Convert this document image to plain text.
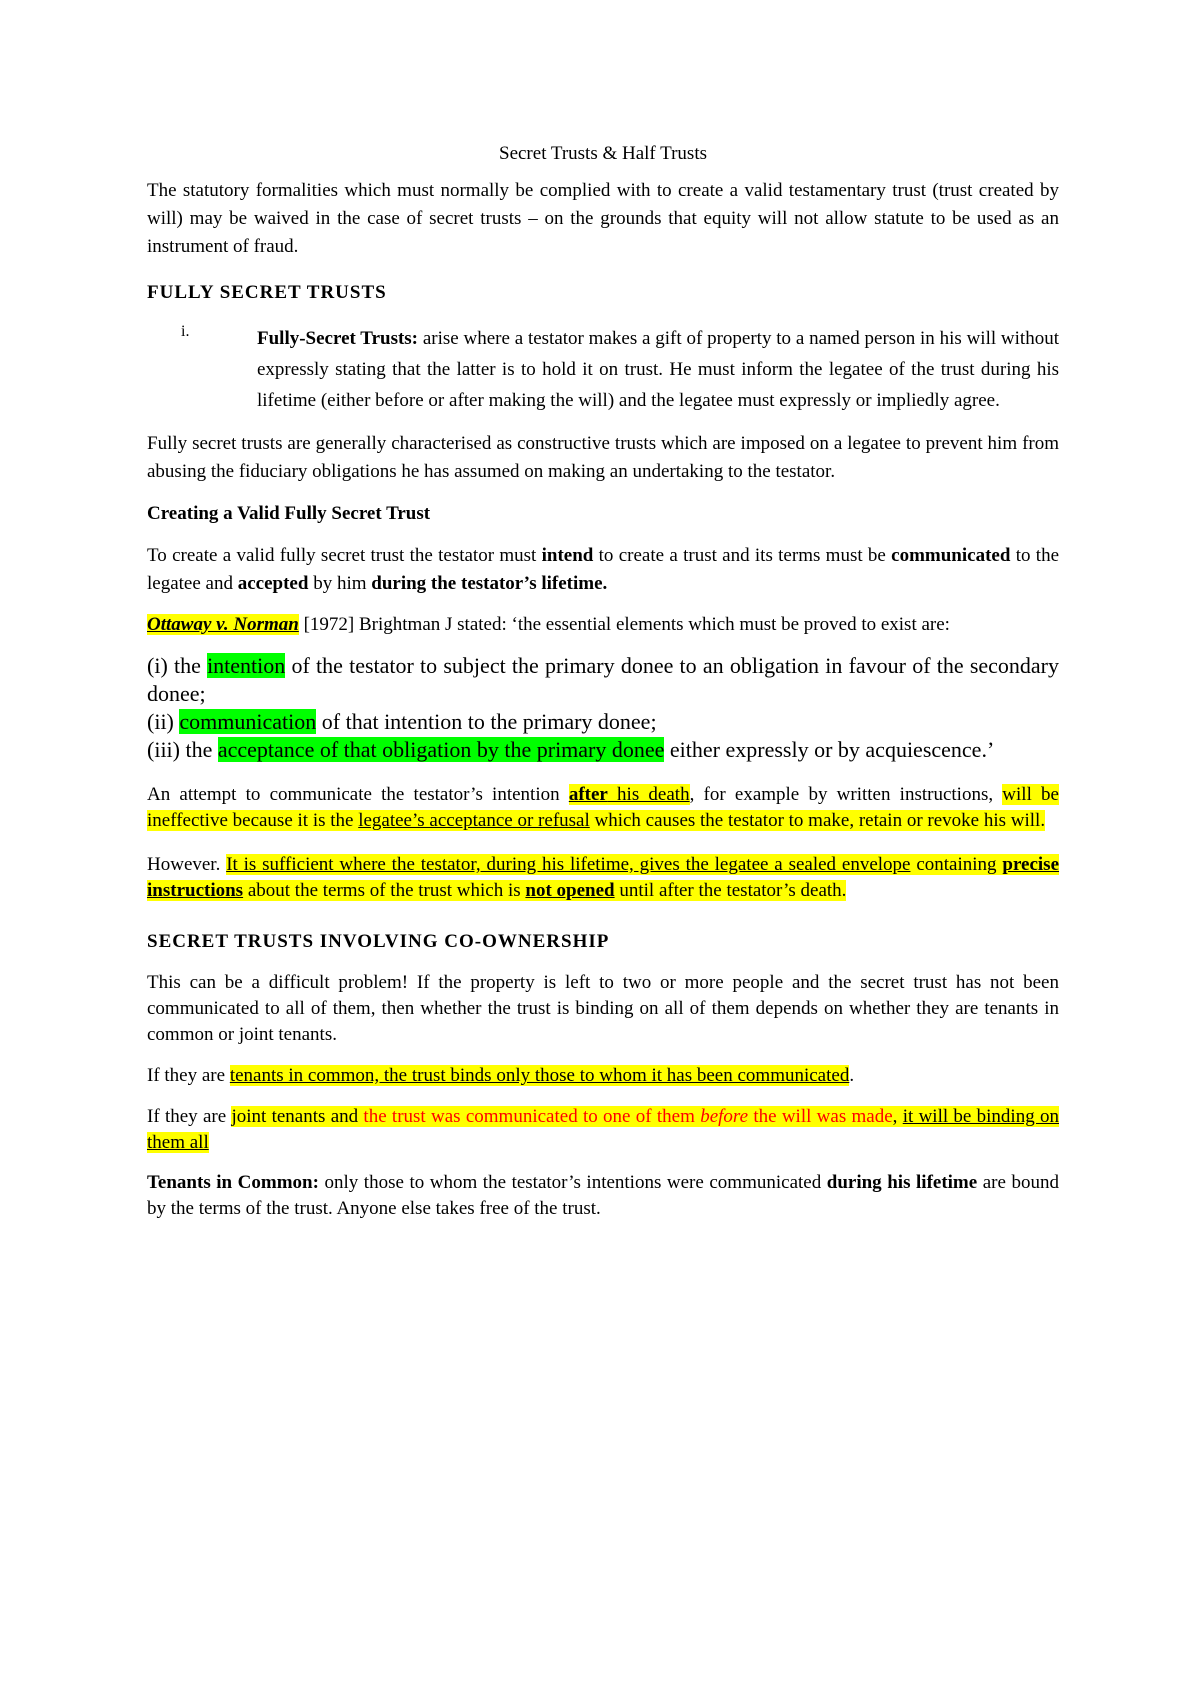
Secret Trusts & Half Trusts

The statutory formalities which must normally be complied with to create a valid testamentary trust (trust created by will) may be waived in the case of secret trusts – on the grounds that equity will not allow statute to be used as an instrument of fraud.

FULLY SECRET TRUSTS

i.	Fully-Secret Trusts: arise where a testator makes a gift of property to a named person in his will without expressly stating that the latter is to hold it on trust. He must inform the legatee of the trust during his lifetime (either before or after making the will) and the legatee must expressly or impliedly agree.

Fully secret trusts are generally characterised as constructive trusts which are imposed on a legatee to prevent him from abusing the fiduciary obligations he has assumed on making an undertaking to the testator.

Creating a Valid Fully Secret Trust

To create a valid fully secret trust the testator must intend to create a trust and its terms must be communicated to the legatee and accepted by him during the testator’s lifetime.

Ottaway v. Norman [1972] Brightman J stated: ‘the essential elements which must be proved to exist are:

(i) the intention of the testator to subject the primary donee to an obligation in favour of the secondary donee;

(ii) communication of that intention to the primary donee;

(iii) the acceptance of that obligation by the primary donee either expressly or by acquiescence.’

An attempt to communicate the testator’s intention after his death, for example by written instructions, will be ineffective because it is the legatee’s acceptance or refusal which causes the testator to make, retain or revoke his will.

However. It is sufficient where the testator, during his lifetime, gives the legatee a sealed envelope containing precise instructions about the terms of the trust which is not opened until after the testator’s death.

SECRET TRUSTS INVOLVING CO-OWNERSHIP

This can be a difficult problem! If the property is left to two or more people and the secret trust has not been communicated to all of them, then whether the trust is binding on all of them depends on whether they are tenants in common or joint tenants.

If they are tenants in common, the trust binds only those to whom it has been communicated.

If they are joint tenants and the trust was communicated to one of them before the will was made, it will be binding on them all

Tenants in Common: only those to whom the testator’s intentions were communicated during his lifetime are bound by the terms of the trust. Anyone else takes free of the trust.
